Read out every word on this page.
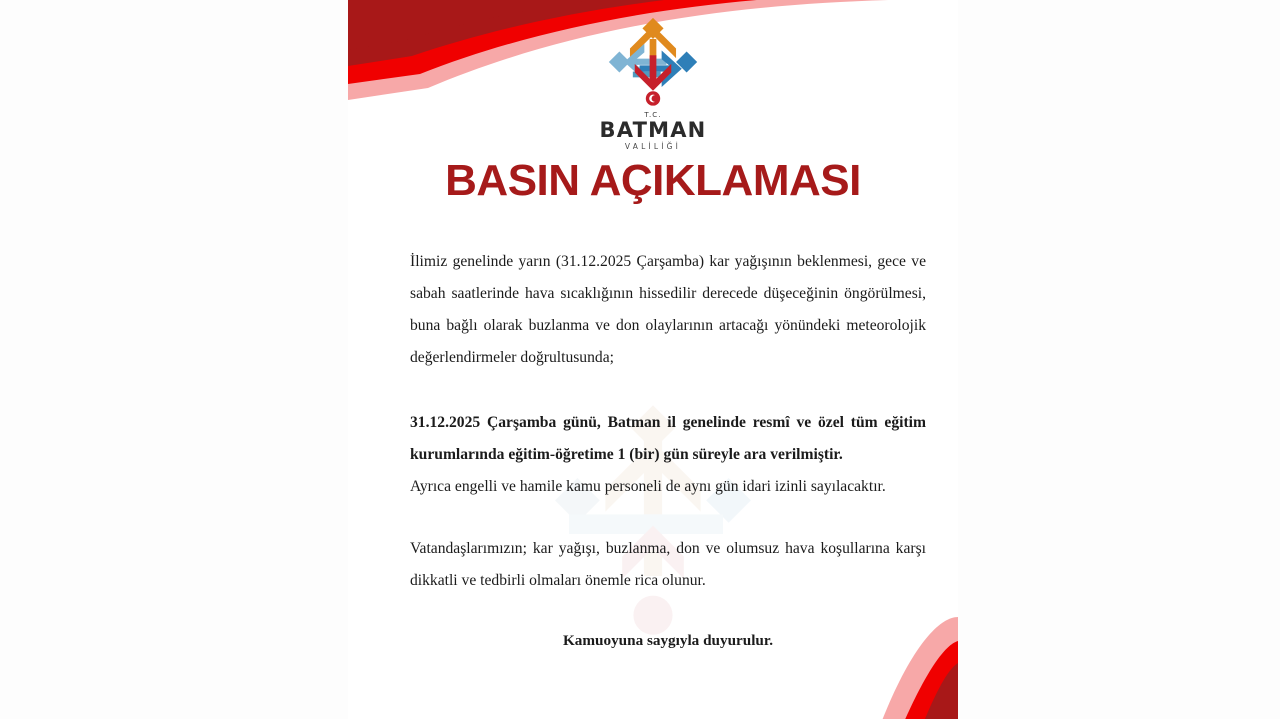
T.C.
BATMAN
VALİLİĞİ
BASIN AÇIKLAMASI

İlimiz genelinde yarın (31.12.2025 Çarşamba) kar yağışının beklenmesi, gece ve sabah saatlerinde hava sıcaklığının hissedilir derecede düşeceğinin öngörülmesi, buna bağlı olarak buzlanma ve don olaylarının artacağı yönündeki meteorolojik değerlendirmeler doğrultusunda;

31.12.2025 Çarşamba günü, Batman il genelinde resmî ve özel tüm eğitim kurumlarında eğitim-öğretime 1 (bir) gün süreyle ara verilmiştir.

Ayrıca engelli ve hamile kamu personeli de aynı gün idari izinli sayılacaktır.

Vatandaşlarımızın; kar yağışı, buzlanma, don ve olumsuz hava koşullarına karşı dikkatli ve tedbirli olmaları önemle rica olunur.

Kamuoyuna saygıyla duyurulur.
